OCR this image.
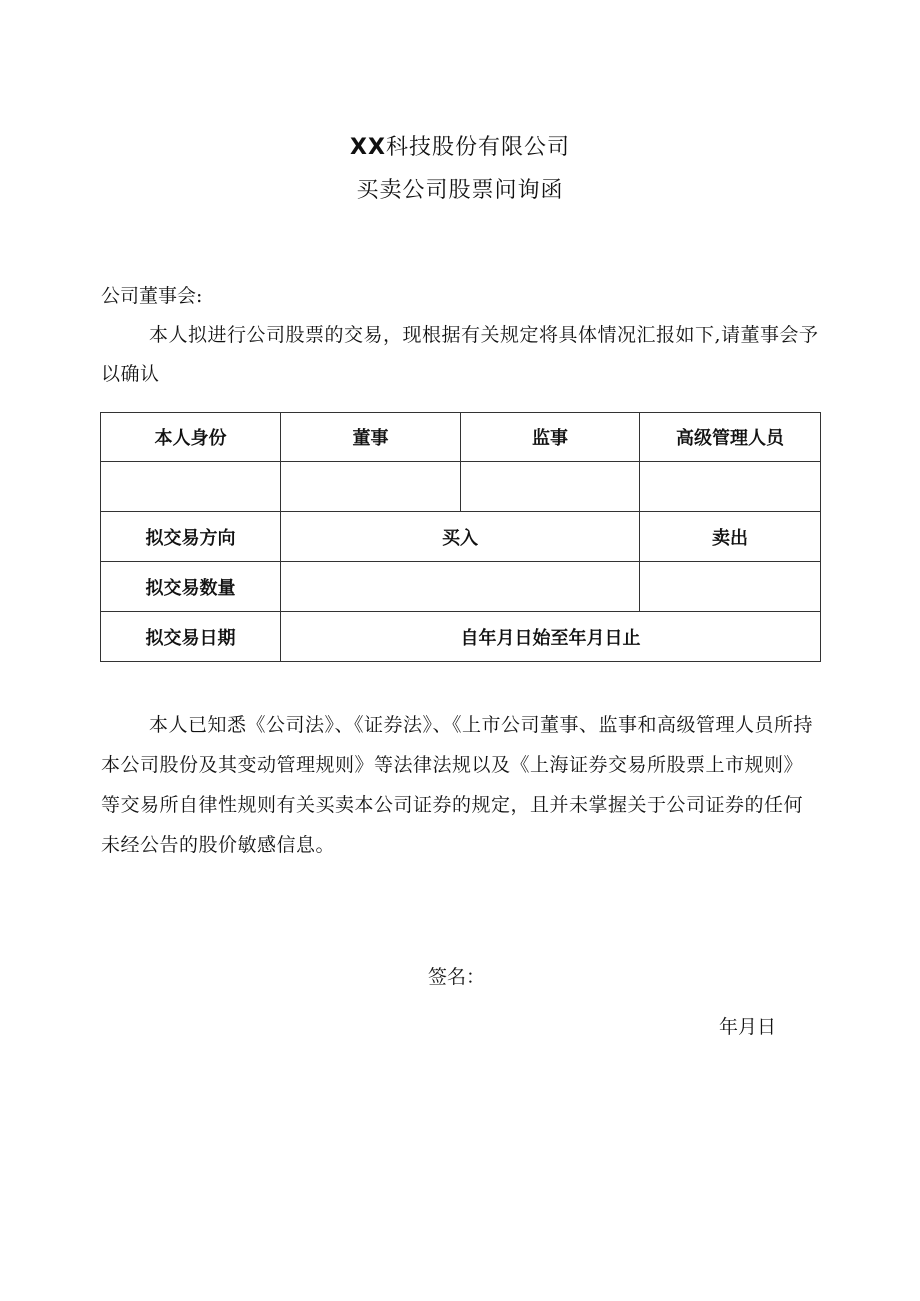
XX科技股份有限公司
买卖公司股票问询函
公司董事会:
本人拟进行公司股票的交易，现根据有关规定将具体情况汇报如下,请董事会予以确认
本人身份	董事	监事	高级管理人员

拟交易方向	买入		卖出
拟交易数量			
拟交易日期	自年月日始至年月日止		
本人已知悉《公司法》、《证券法》、《上市公司董事、监事和高级管理人员所持本公司股份及其变动管理规则》等法律法规以及《上海证券交易所股票上市规则》等交易所自律性规则有关买卖本公司证券的规定，且并未掌握关于公司证券的任何未经公告的股价敏感信息。
签名：
年月日
